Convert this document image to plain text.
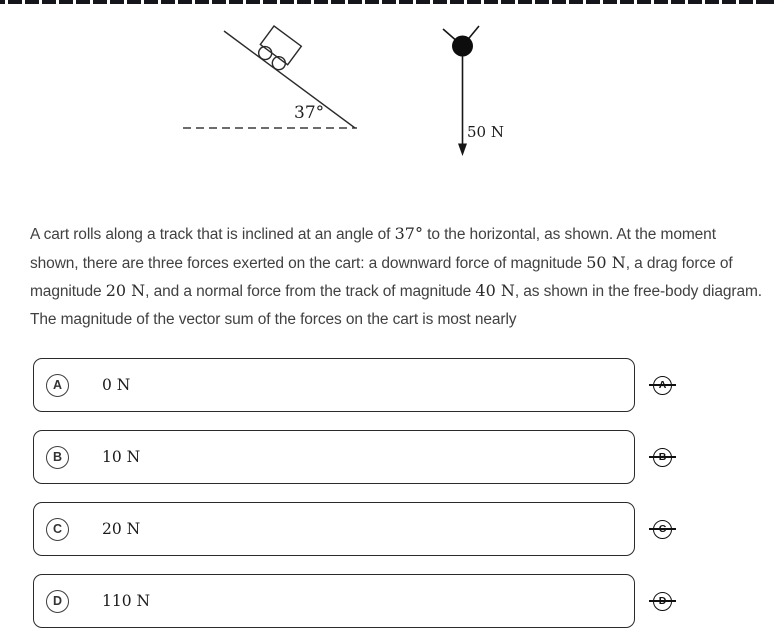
37°
50 N
A cart rolls along a track that is inclined at an angle of 37° to the horizontal, as shown. At the moment
shown, there are three forces exerted on the cart: a downward force of magnitude 50 N, a drag force of
magnitude 20 N, and a normal force from the track of magnitude 40 N, as shown in the free-body diagram.
The magnitude of the vector sum of the forces on the cart is most nearly
A	0 N
B	10 N
C	20 N
D	110 N
